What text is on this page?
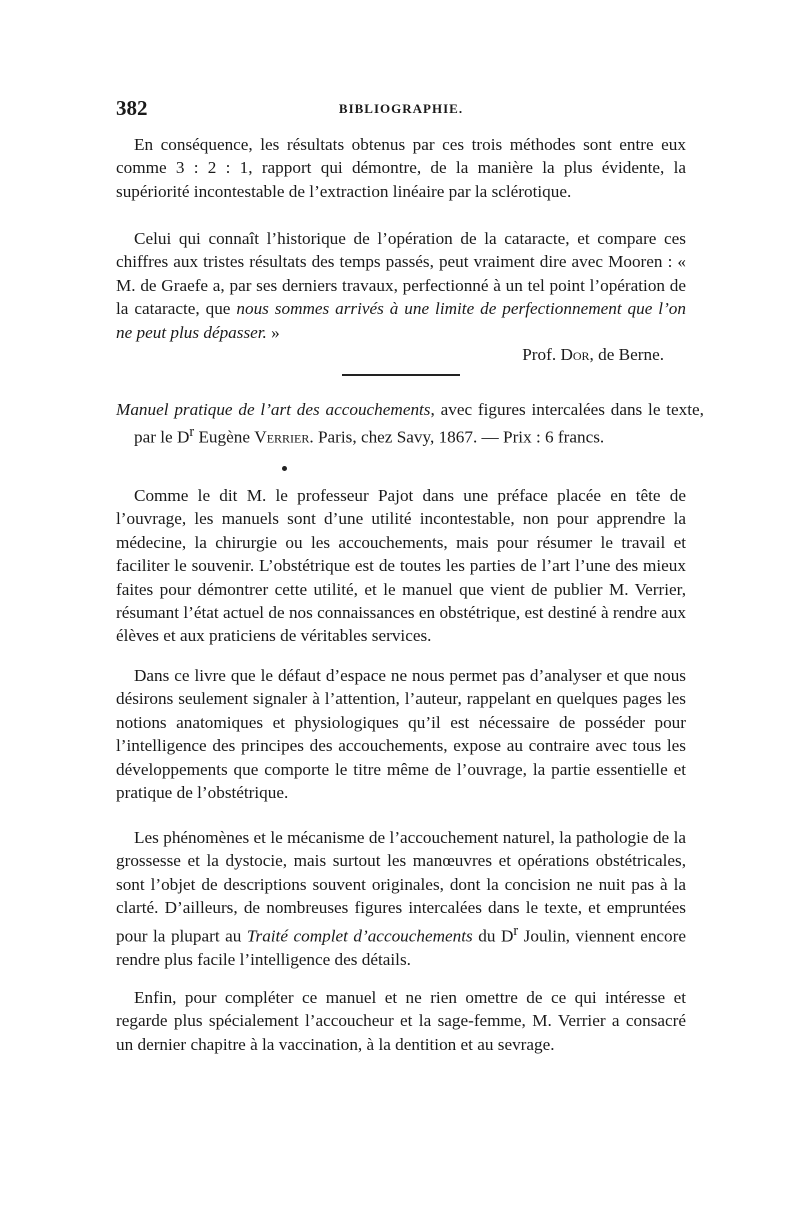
382	BIBLIOGRAPHIE.

En conséquence, les résultats obtenus par ces trois méthodes sont entre eux comme 3 : 2 : 1, rapport qui démontre, de la manière la plus évidente, la supériorité incontestable de l’extraction linéaire par la sclérotique.

Celui qui connaît l’historique de l’opération de la cataracte, et compare ces chiffres aux tristes résultats des temps passés, peut vraiment dire avec Mooren : « M. de Graefe a, par ses derniers travaux, perfectionné à un tel point l’opération de la cataracte, que nous sommes arrivés à une limite de perfectionnement que l’on ne peut plus dépasser. »

Prof. Dor, de Berne.

Manuel pratique de l’art des accouchements, avec figures intercalées dans le texte, par le $D^r$ Eugène Verrier. Paris, chez Savy, 1867. — Prix : 6 francs.

Comme le dit M. le professeur Pajot dans une préface placée en tête de l’ouvrage, les manuels sont d’une utilité incontestable, non pour apprendre la médecine, la chirurgie ou les accouchements, mais pour résumer le travail et faciliter le souvenir. L’obstétrique est de toutes les parties de l’art l’une des mieux faites pour démontrer cette utilité, et le manuel que vient de publier M. Verrier, résumant l’état actuel de nos connaissances en obstétrique, est destiné à rendre aux élèves et aux praticiens de véritables services.

Dans ce livre que le défaut d’espace ne nous permet pas d’analyser et que nous désirons seulement signaler à l’attention, l’auteur, rappelant en quelques pages les notions anatomiques et physiologiques qu’il est nécessaire de posséder pour l’intelligence des principes des accouchements, expose au contraire avec tous les développements que comporte le titre même de l’ouvrage, la partie essentielle et pratique de l’obstétrique.

Les phénomènes et le mécanisme de l’accouchement naturel, la pathologie de la grossesse et la dystocie, mais surtout les manœuvres et opérations obstétricales, sont l’objet de descriptions souvent originales, dont la concision ne nuit pas à la clarté. D’ailleurs, de nombreuses figures intercalées dans le texte, et empruntées pour la plupart au Traité complet d’accouchements du $D^r$ Joulin, viennent encore rendre plus facile l’intelligence des détails.

Enfin, pour compléter ce manuel et ne rien omettre de ce qui intéresse et regarde plus spécialement l’accoucheur et la sage-femme, M. Verrier a consacré un dernier chapitre à la vaccination, à la dentition et au sevrage.
